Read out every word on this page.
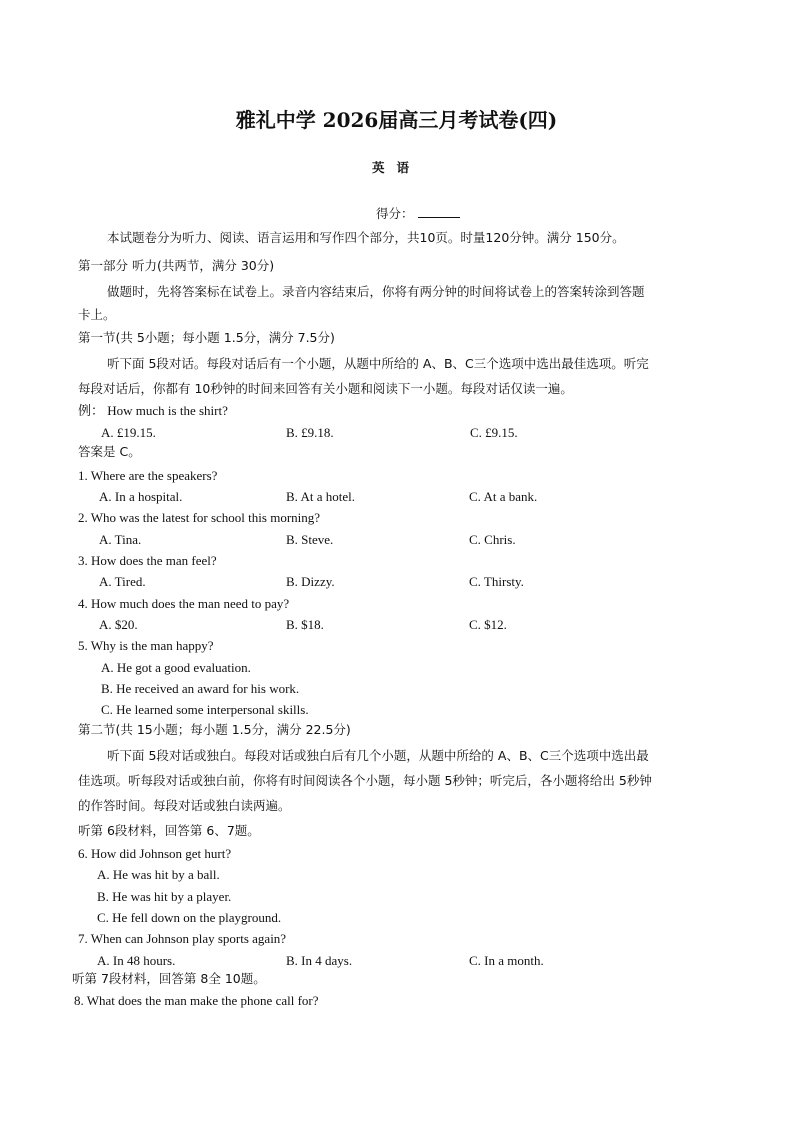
雅礼中学 2026届高三月考试卷(四)
英语
得分：
本试题卷分为听力、阅读、语言运用和写作四个部分，共10页。时量120分钟。满分 150分。
第一部分 听力(共两节，满分 30分)
做题时，先将答案标在试卷上。录音内容结束后，你将有两分钟的时间将试卷上的答案转涂到答题
卡上。
第一节(共 5小题；每小题 1.5分，满分 7.5分)
听下面 5段对话。每段对话后有一个小题，从题中所给的 A、B、C三个选项中选出最佳选项。听完
每段对话后，你都有 10秒钟的时间来回答有关小题和阅读下一小题。每段对话仅读一遍。
例： How much is the shirt?
A. £19.15.	B. £9.18.	C. £9.15.
答案是 C。
1. Where are the speakers?
A. In a hospital.	B. At a hotel.	C. At a bank.
2. Who was the latest for school this morning?
A. Tina.	B. Steve.	C. Chris.
3. How does the man feel?
A. Tired.	B. Dizzy.	C. Thirsty.
4. How much does the man need to pay?
A. $20.	B. $18.	C. $12.
5. Why is the man happy?
A. He got a good evaluation.
B. He received an award for his work.
C. He learned some interpersonal skills.
第二节(共 15小题；每小题 1.5分，满分 22.5分)
听下面 5段对话或独白。每段对话或独白后有几个小题，从题中所给的 A、B、C三个选项中选出最
佳选项。听每段对话或独白前，你将有时间阅读各个小题，每小题 5秒钟；听完后，各小题将给出 5秒钟
的作答时间。每段对话或独白读两遍。
听第 6段材料，回答第 6、7题。
6. How did Johnson get hurt?
A. He was hit by a ball.
B. He was hit by a player.
C. He fell down on the playground.
7. When can Johnson play sports again?
A. In 48 hours.	B. In 4 days.	C. In a month.
听第 7段材料，回答第 8全 10题。
8. What does the man make the phone call for?
